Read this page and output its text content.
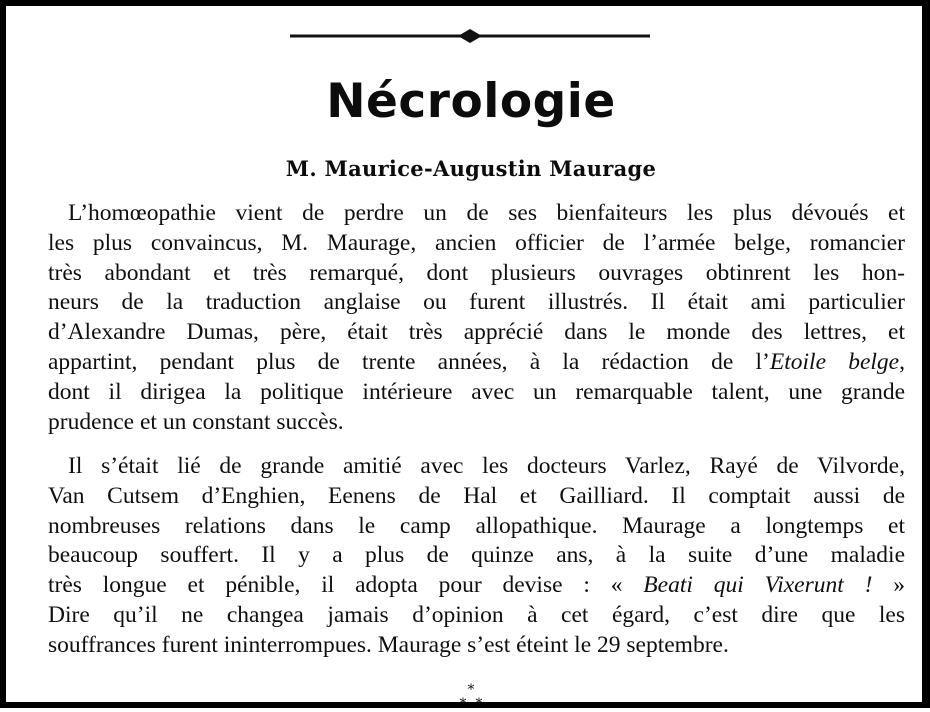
Nécrologie
M. Maurice-Augustin Maurage
L’homœopathie vient de perdre un de ses bienfaiteurs les plus dévoués et
les plus convaincus, M. Maurage, ancien officier de l’armée belge, romancier
très abondant et très remarqué, dont plusieurs ouvrages obtinrent les hon-
neurs de la traduction anglaise ou furent illustrés. Il était ami particulier
d’Alexandre Dumas, père, était très apprécié dans le monde des lettres, et
appartint, pendant plus de trente années, à la rédaction de l’Etoile belge,
dont il dirigea la politique intérieure avec un remarquable talent, une grande
prudence et un constant succès.
Il s’était lié de grande amitié avec les docteurs Varlez, Rayé de Vilvorde,
Van Cutsem d’Enghien, Eenens de Hal et Gailliard. Il comptait aussi de
nombreuses relations dans le camp allopathique. Maurage a longtemps et
beaucoup souffert. Il y a plus de quinze ans, à la suite d’une maladie
très longue et pénible, il adopta pour devise : « Beati qui Vixerunt ! »
Dire qu’il ne changea jamais d’opinion à cet égard, c’est dire que les
souffrances furent ininterrompues. Maurage s’est éteint le 29 septembre.
*
* *
